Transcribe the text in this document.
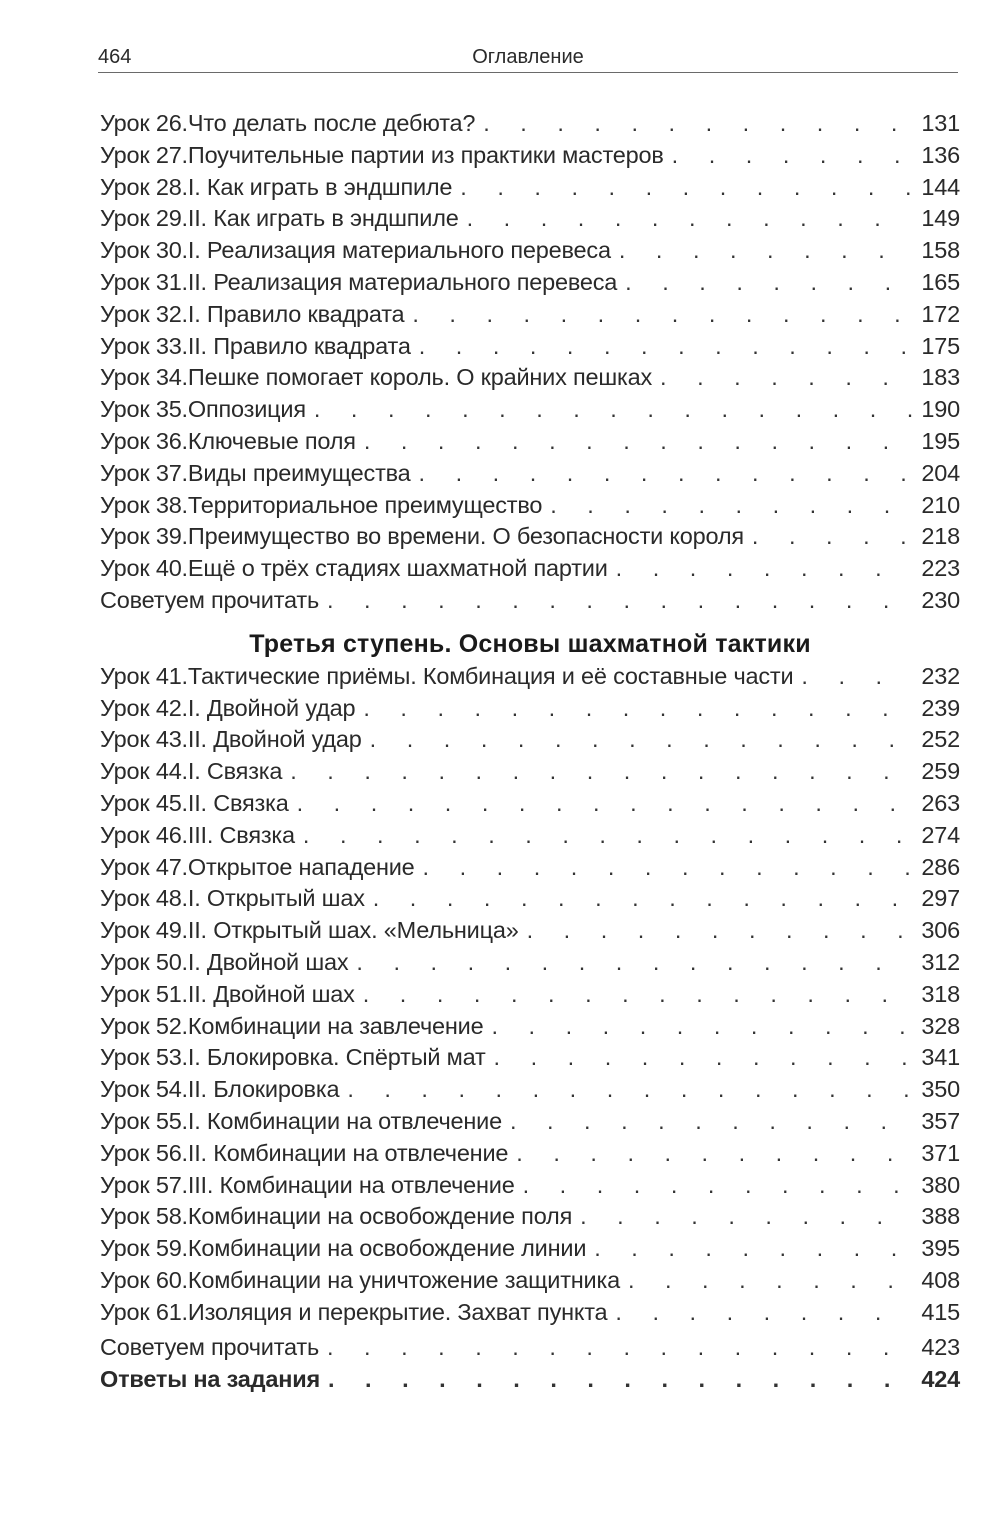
464	Оглавление
Урок 26. Что делать после дебюта? . . .	131
Урок 27. Поучительные партии из практики мастеров . . .	136
Урок 28. I. Как играть в эндшпиле . . .	144
Урок 29. II. Как играть в эндшпиле . . .	149
Урок 30. I. Реализация материального перевеса . . .	158
Урок 31. II. Реализация материального перевеса . . .	165
Урок 32. I. Правило квадрата . . .	172
Урок 33. II. Правило квадрата . . .	175
Урок 34. Пешке помогает король. О крайних пешках . . .	183
Урок 35. Оппозиция . . .	190
Урок 36. Ключевые поля . . .	195
Урок 37. Виды преимущества . . .	204
Урок 38. Территориальное преимущество . . .	210
Урок 39. Преимущество во времени. О безопасности короля . . .	218
Урок 40. Ещё о трёх стадиях шахматной партии . . .	223
Советуем прочитать . . .	230
Третья ступень. Основы шахматной тактики
Урок 41. Тактические приёмы. Комбинация и её составные части . . .	232
Урок 42. I. Двойной удар . . .	239
Урок 43. II. Двойной удар . . .	252
Урок 44. I. Связка . . .	259
Урок 45. II. Связка . . .	263
Урок 46. III. Связка . . .	274
Урок 47. Открытое нападение . . .	286
Урок 48. I. Открытый шах . . .	297
Урок 49. II. Открытый шах. «Мельница» . . .	306
Урок 50. I. Двойной шах . . .	312
Урок 51. II. Двойной шах . . .	318
Урок 52. Комбинации на завлечение . . .	328
Урок 53. I. Блокировка. Спёртый мат . . .	341
Урок 54. II. Блокировка . . .	350
Урок 55. I. Комбинации на отвлечение . . .	357
Урок 56. II. Комбинации на отвлечение . . .	371
Урок 57. III. Комбинации на отвлечение . . .	380
Урок 58. Комбинации на освобождение поля . . .	388
Урок 59. Комбинации на освобождение линии . . .	395
Урок 60. Комбинации на уничтожение защитника . . .	408
Урок 61. Изоляция и перекрытие. Захват пункта . . .	415
Советуем прочитать . . .	423
Ответы на задания . . .	424
